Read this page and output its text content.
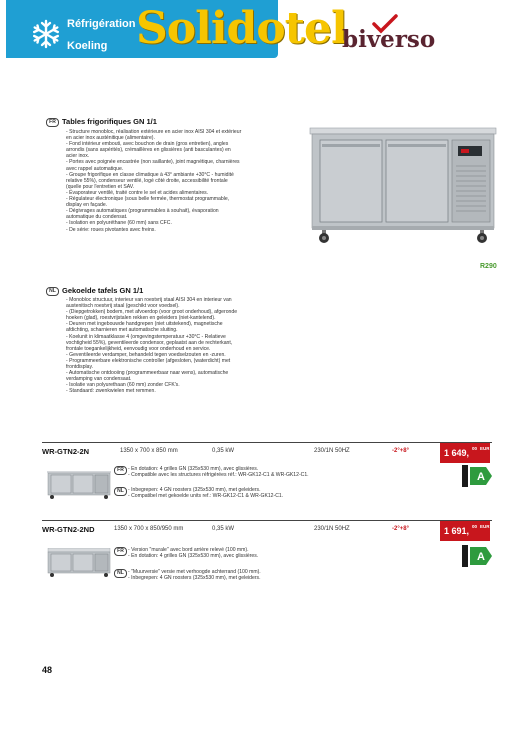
Réfrigération
Koeling Solidotel
biverso
FR Tables frigorifiques GN 1/1
- Structure monobloc, réalisation extérieure en acier inox AISI 304 et extérieur
en acier inox austénitique (alimentaire).
- Fond intérieur embouti, avec bouchon de drain (gros entretien), angles
arrondis (sans aspérités), crémaillères en glissières (anti basculantes) en
acier inox.
- Portes avec poignée encastrée (non saillante), joint magnétique, charnières
avec rappel automatique.
- Groupe frigorifique en classe climatique à 43° ambiante +30°C - humidité
relative 55%), condenseur ventilé, logé côté droite, accessibilité frontale
(quelle pour l'entretien et SAV.
- Évaporateur ventilé, traité contre le sel et acides alimentaires.
- Régulateur électronique (sous belle fermée, thermostat programmable,
display en façade.
- Dégivrages automatiques (programmables à souhait), évaporation
automatique du condensat.
- Isolation en polyuréthane (60 mm) sans CFC.
- De série: roues pivotantes avec freins.
R290
NL Gekoelde tafels GN 1/1
- Monobloc structuur, interieur van roestvrij staal AISI 304 en interieur van
austenitisch roestvrij staal (geschikt voor voedsel).
- (Diepgetrokken) bodem, met afvoerdop (voor groot onderhoud), afgeronde
hoeken (glad), roestvrijstalen rekken en geleiders (niet-kantelend).
- Deuren met ingebouwde handgrepen (niet uitstekend), magnetische
afdichting, scharnieren met automatische sluiting.
- Koelunit in klimaatklasse 4 (omgevingstemperatuur +30°C - Relatieve
vochtigheid 55%), geventileerde condensor, geplaatst aan de rechterkant,
frontale toegankelijkheid, eenvoudig voor onderhoud en service.
- Geventileerde verdamper, behandeld tegen voedselzouten en -zuren.
- Programmeerbare elektronische controller (afgesloten, (waterdicht) met
frontdisplay.
- Automatische ontdooiing (programmeerbaar naar wens), automatische
verdamping van condensaat.
- Isolatie van polyurethaan (60 mm) zonder CFK's.
- Standaard: zwenkwielen met remmen.
WR-GTN2-2N	1350 x 700 x 850 mm	0,35 kW	230/1N 50HZ	-2°+8°	1 649, 00 EUR
FR - En dotation: 4 grilles GN (325x530 mm), avec glissières.
- Compatible avec les structures réfrigérées réf.: WR-GK12-C1 & WR-GK12-C1.
NL - Inbegrepen: 4 GN roosters (325x530 mm), met geleiders.
- Compatibel met gekoelde units ref.: WR-GK12-C1 & WR-GK12-C1.
A
WR-GTN2-2ND	1350 x 700 x 850/950 mm	0,35 kW	230/1N 50HZ	-2°+8°	1 691, 00 EUR
FR - Version "murale" avec bord arrière relevé (100 mm).
- En dotation: 4 grilles GN (325x530 mm), avec glissières.
NL - "Muurversie" versie met verhoogde achterrand (100 mm).
- Inbegrepen: 4 GN roosters (325x530 mm), met geleiders.
A
48
